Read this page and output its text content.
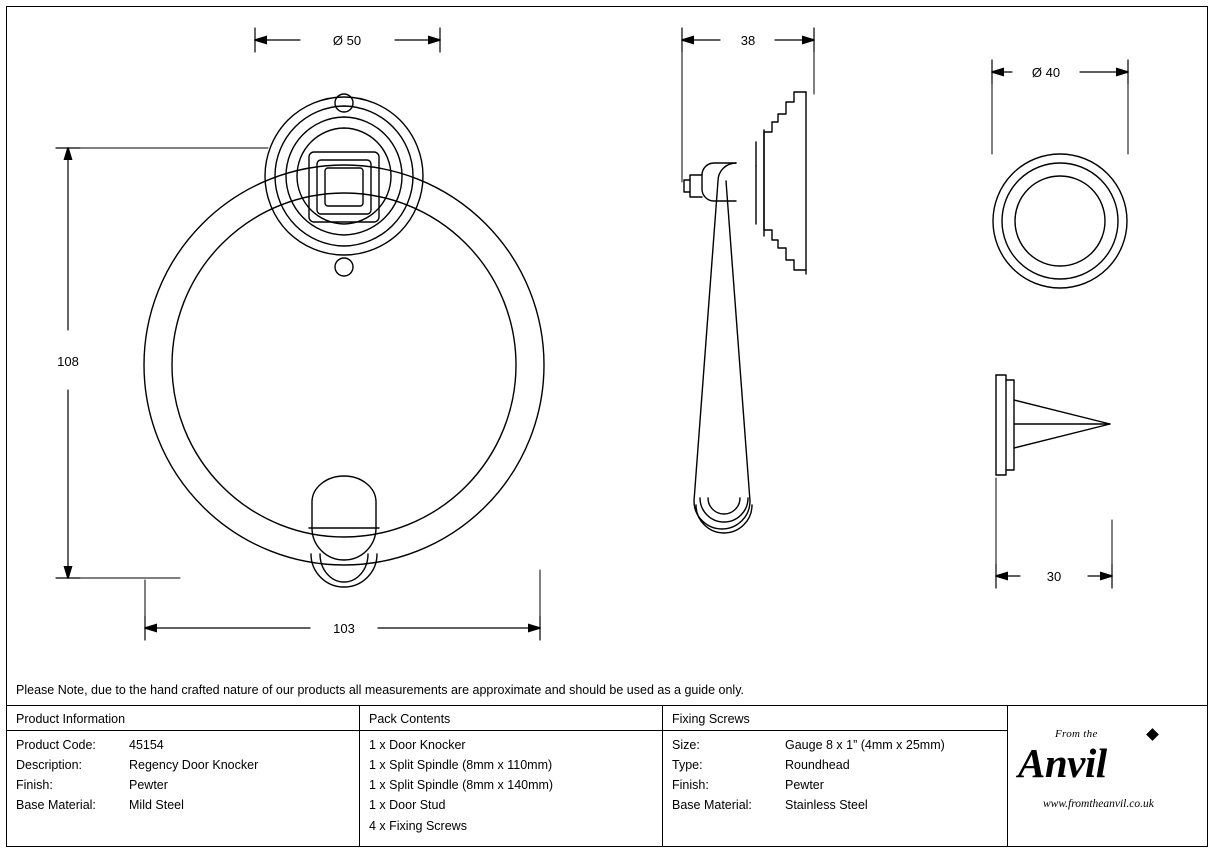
Ø 50
108
103
38
Ø 40
30
Please Note, due to the hand crafted nature of our products all measurements are approximate and should be used as a guide only.
Product Information
Product Code:	45154
Description:	Regency Door Knocker
Finish:	Pewter
Base Material:	Mild Steel
Pack Contents
1 x Door Knocker
1 x Split Spindle (8mm x 110mm)
1 x Split Spindle (8mm x 140mm)
1 x Door Stud
4 x Fixing Screws
Fixing Screws
Size:	Gauge 8 x 1” (4mm x 25mm)
Type:	Roundhead
Finish:	Pewter
Base Material:	Stainless Steel
From the
Anvil
www.fromtheanvil.co.uk
